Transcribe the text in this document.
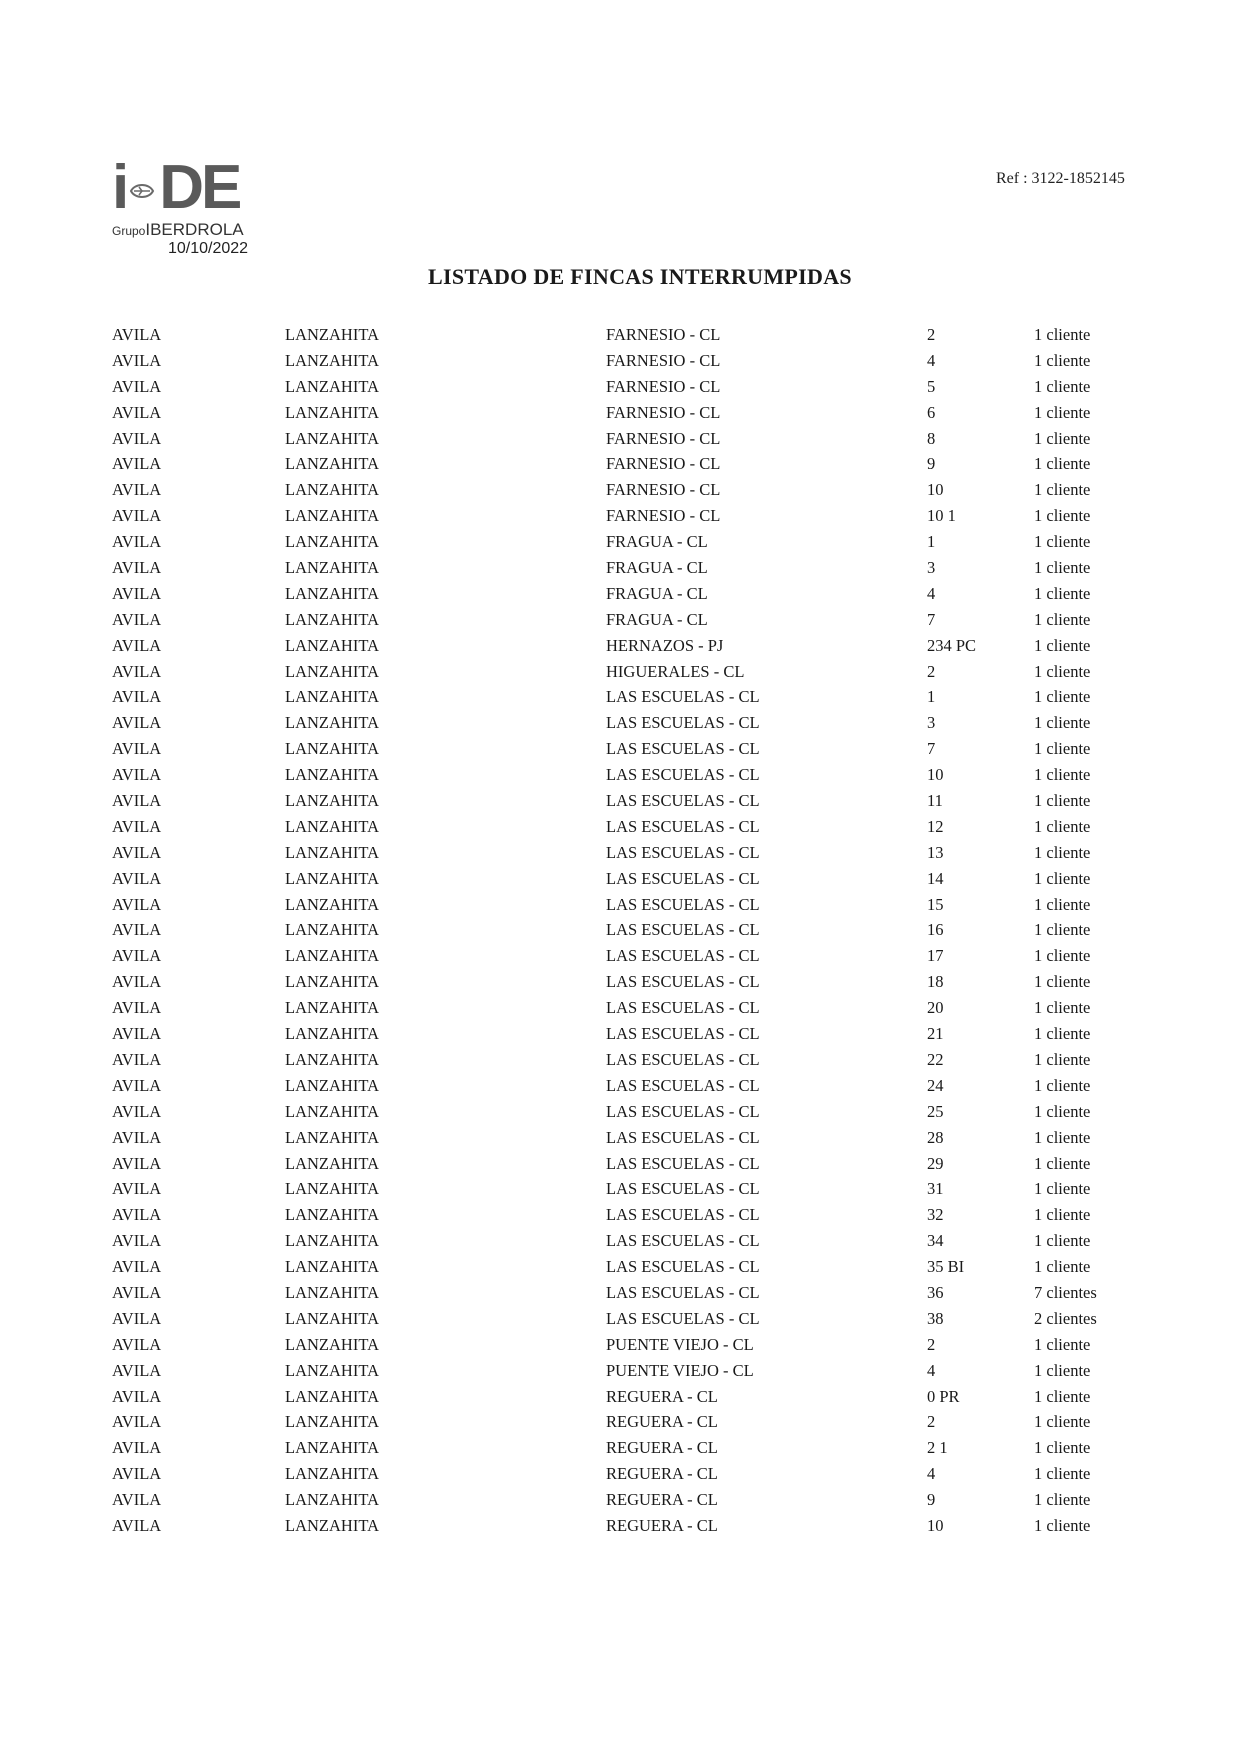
i DE
GrupoIBERDROLA
10/10/2022
Ref : 3122-1852145
LISTADO DE FINCAS INTERRUMPIDAS
AVILA	LANZAHITA	FARNESIO - CL	2	1 cliente
AVILA	LANZAHITA	FARNESIO - CL	4	1 cliente
AVILA	LANZAHITA	FARNESIO - CL	5	1 cliente
AVILA	LANZAHITA	FARNESIO - CL	6	1 cliente
AVILA	LANZAHITA	FARNESIO - CL	8	1 cliente
AVILA	LANZAHITA	FARNESIO - CL	9	1 cliente
AVILA	LANZAHITA	FARNESIO - CL	10	1 cliente
AVILA	LANZAHITA	FARNESIO - CL	10 1	1 cliente
AVILA	LANZAHITA	FRAGUA - CL	1	1 cliente
AVILA	LANZAHITA	FRAGUA - CL	3	1 cliente
AVILA	LANZAHITA	FRAGUA - CL	4	1 cliente
AVILA	LANZAHITA	FRAGUA - CL	7	1 cliente
AVILA	LANZAHITA	HERNAZOS - PJ	234 PC	1 cliente
AVILA	LANZAHITA	HIGUERALES - CL	2	1 cliente
AVILA	LANZAHITA	LAS ESCUELAS - CL	1	1 cliente
AVILA	LANZAHITA	LAS ESCUELAS - CL	3	1 cliente
AVILA	LANZAHITA	LAS ESCUELAS - CL	7	1 cliente
AVILA	LANZAHITA	LAS ESCUELAS - CL	10	1 cliente
AVILA	LANZAHITA	LAS ESCUELAS - CL	11	1 cliente
AVILA	LANZAHITA	LAS ESCUELAS - CL	12	1 cliente
AVILA	LANZAHITA	LAS ESCUELAS - CL	13	1 cliente
AVILA	LANZAHITA	LAS ESCUELAS - CL	14	1 cliente
AVILA	LANZAHITA	LAS ESCUELAS - CL	15	1 cliente
AVILA	LANZAHITA	LAS ESCUELAS - CL	16	1 cliente
AVILA	LANZAHITA	LAS ESCUELAS - CL	17	1 cliente
AVILA	LANZAHITA	LAS ESCUELAS - CL	18	1 cliente
AVILA	LANZAHITA	LAS ESCUELAS - CL	20	1 cliente
AVILA	LANZAHITA	LAS ESCUELAS - CL	21	1 cliente
AVILA	LANZAHITA	LAS ESCUELAS - CL	22	1 cliente
AVILA	LANZAHITA	LAS ESCUELAS - CL	24	1 cliente
AVILA	LANZAHITA	LAS ESCUELAS - CL	25	1 cliente
AVILA	LANZAHITA	LAS ESCUELAS - CL	28	1 cliente
AVILA	LANZAHITA	LAS ESCUELAS - CL	29	1 cliente
AVILA	LANZAHITA	LAS ESCUELAS - CL	31	1 cliente
AVILA	LANZAHITA	LAS ESCUELAS - CL	32	1 cliente
AVILA	LANZAHITA	LAS ESCUELAS - CL	34	1 cliente
AVILA	LANZAHITA	LAS ESCUELAS - CL	35 BI	1 cliente
AVILA	LANZAHITA	LAS ESCUELAS - CL	36	7 clientes
AVILA	LANZAHITA	LAS ESCUELAS - CL	38	2 clientes
AVILA	LANZAHITA	PUENTE VIEJO - CL	2	1 cliente
AVILA	LANZAHITA	PUENTE VIEJO - CL	4	1 cliente
AVILA	LANZAHITA	REGUERA - CL	0 PR	1 cliente
AVILA	LANZAHITA	REGUERA - CL	2	1 cliente
AVILA	LANZAHITA	REGUERA - CL	2 1	1 cliente
AVILA	LANZAHITA	REGUERA - CL	4	1 cliente
AVILA	LANZAHITA	REGUERA - CL	9	1 cliente
AVILA	LANZAHITA	REGUERA - CL	10	1 cliente
